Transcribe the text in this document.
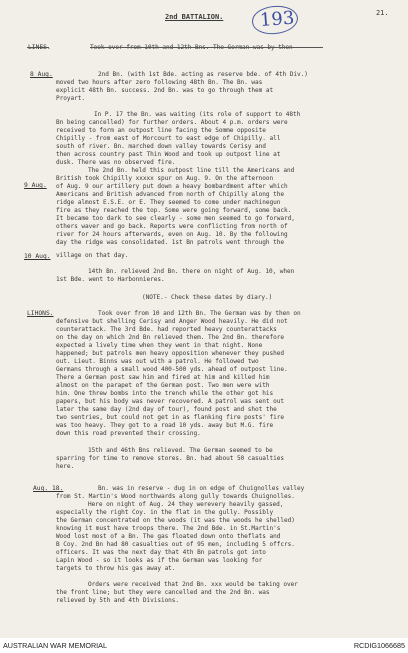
2nd BATTALION.	21.
193
LINES.
8 Aug.
9 Aug.
10 Aug.
LIHONS.
Aug. 18.
Took over from 10th and 12th Bns. The German was by then
2nd Bn. (with 1st Bde. acting as reserve bde. of 4th Div.)
moved two hours after zero following 48th Bn. The Bn. was
explicit 48th Bn. success. 2nd Bn. was to go through them at
Proyart.
In P. 17 the Bn. was waiting (its role of support to 48th
Bn being cancelled) for further orders. About 4 p.m. orders were
received to form an outpost line facing the Somme opposite
Chipilly - from east of Morcourt to east edge of Chipilly. all
south of river. Bn. marched down valley towards Cerisy and
then across country past Thin Wood and took up outpost line at
dusk. There was no observed fire.
The 2nd Bn. held this outpost line till the Americans and
British took Chipilly xxxxx spur on Aug. 9. On the afternoon
of Aug. 9 our artillery put down a heavy bombardment after which
Americans and British advanced from north of Chipilly along the
ridge almost E.S.E. or E. They seemed to come under machinegun
fire as they reached the top. Some were going forward, some back.
It became too dark to see clearly - some men seemed to go forward,
others waver and go back. Reports were conflicting from north of
river for 24 hours afterwards, even on Aug. 10. By the following
day the ridge was consolidated. 1st Bn patrols went through the
village on that day.
14th Bn. relieved 2nd Bn. there on night of Aug. 10, when
1st Bde. went to Harbonnieres.
(NOTE.- Check these dates by diary.)
Took over from 10 and 12th Bn. The German was by then on
defensive but shelling Cerisy and Anger Wood heavily. He did not
counterattack. The 3rd Bde. had reported heavy counterattacks
on the day on which 2nd Bn relieved them. The 2nd Bn. therefore
expected a lively time when they went in that night. None
happened; but patrols men heavy opposition whenever they pushed
out. Lieut. Binns was out with a patrol. He followed two
Germans through a small wood 400-500 yds. ahead of outpost line.
There a German post saw him and fired at him and killed him
almost on the parapet of the German post. Two men were with
him. One threw bombs into the trench while the other got his
papers, but his body was never recovered. A patrol was sent out
later the same day (2nd day of tour), found post and shot the
two sentries, but could not get in as flanking fire posts' fire
was too heavy. They got to a road 10 yds. away but M.G. fire
down this road prevented their crossing.
15th and 46th Bns relieved. The German seemed to be
sparring for time to remove stores. Bn. had about 50 casualties
here.
Bn. was in reserve - dug in on edge of Chuignolles valley
from St. Martin's Wood northwards along gully towards Chuignolles.
Here on night of Aug. 24 they werevery heavily gassed,
especially the right Coy. in the flat in the gully. Possibly
the German concentrated on the woods (it was the woods he shelled)
knowing it must have troops there. The 2nd Bde. in St.Martin's
Wood lost most of a Bn. The gas floated down onto theflats and
B Coy. 2nd Bn had 80 casualties out of 95 men, including 5 offcrs.
officers. It was the next day that 4th Bn patrols got into
Lapin Wood - so it looks as if the German was looking for
targets to throw his gas away at.
Orders were received that 2nd Bn. xxx would be taking over
the front line; but they were cancelled and the 2nd Bn. was
relieved by 5th and 4th Divisions.
AUSTRALIAN WAR MEMORIAL	RCDIG1066685
